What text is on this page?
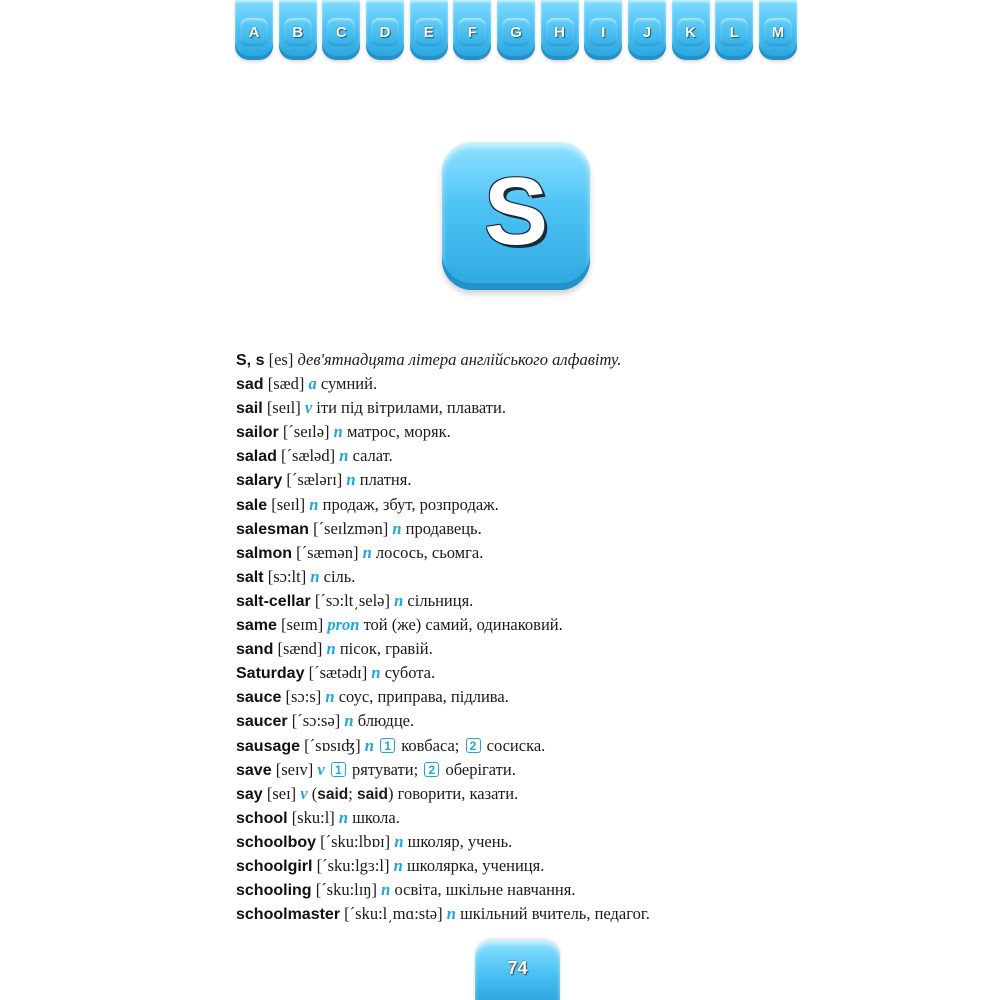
A	B	C	D	E	F	G	H	I	J	K	L	M
S
S, s [es] дев'ятнадцята літера англійського алфавіту.
sad [sæd] a сумний.
sail [seɪl] v іти під вітрилами, плавати.
sailor [´seɪlə] n матрос, моряк.
salad [´sæləd] n салат.
salary [´sælərɪ] n платня.
sale [seɪl] n продаж, збут, розпродаж.
salesman [´seɪlzmən] n продавець.
salmon [´sæmən] n лосось, сьомга.
salt [sɔ:lt] n сіль.
salt-cellar [´sɔ:lt͵selə] n сільниця.
same [seɪm] pron той (же) самий, одинаковий.
sand [sænd] n пісок, гравій.
Saturday [´sætədɪ] n субота.
sauce [sɔ:s] n соус, приправа, підлива.
saucer [´sɔ:sə] n блюдце.
sausage [´sɒsɪʤ] n 1 ковбаса; 2 сосиска.
save [seɪv] v 1 рятувати; 2 оберігати.
say [seɪ] v (said; said) говорити, казати.
school [sku:l] n школа.
schoolboy [´sku:lbɒɪ] n школяр, учень.
schoolgirl [´sku:lgɜ:l] n школярка, учениця.
schooling [´sku:lɪŋ] n освіта, шкільне навчання.
schoolmaster [´sku:l͵mɑ:stə] n шкільний вчитель, педагог.
74
